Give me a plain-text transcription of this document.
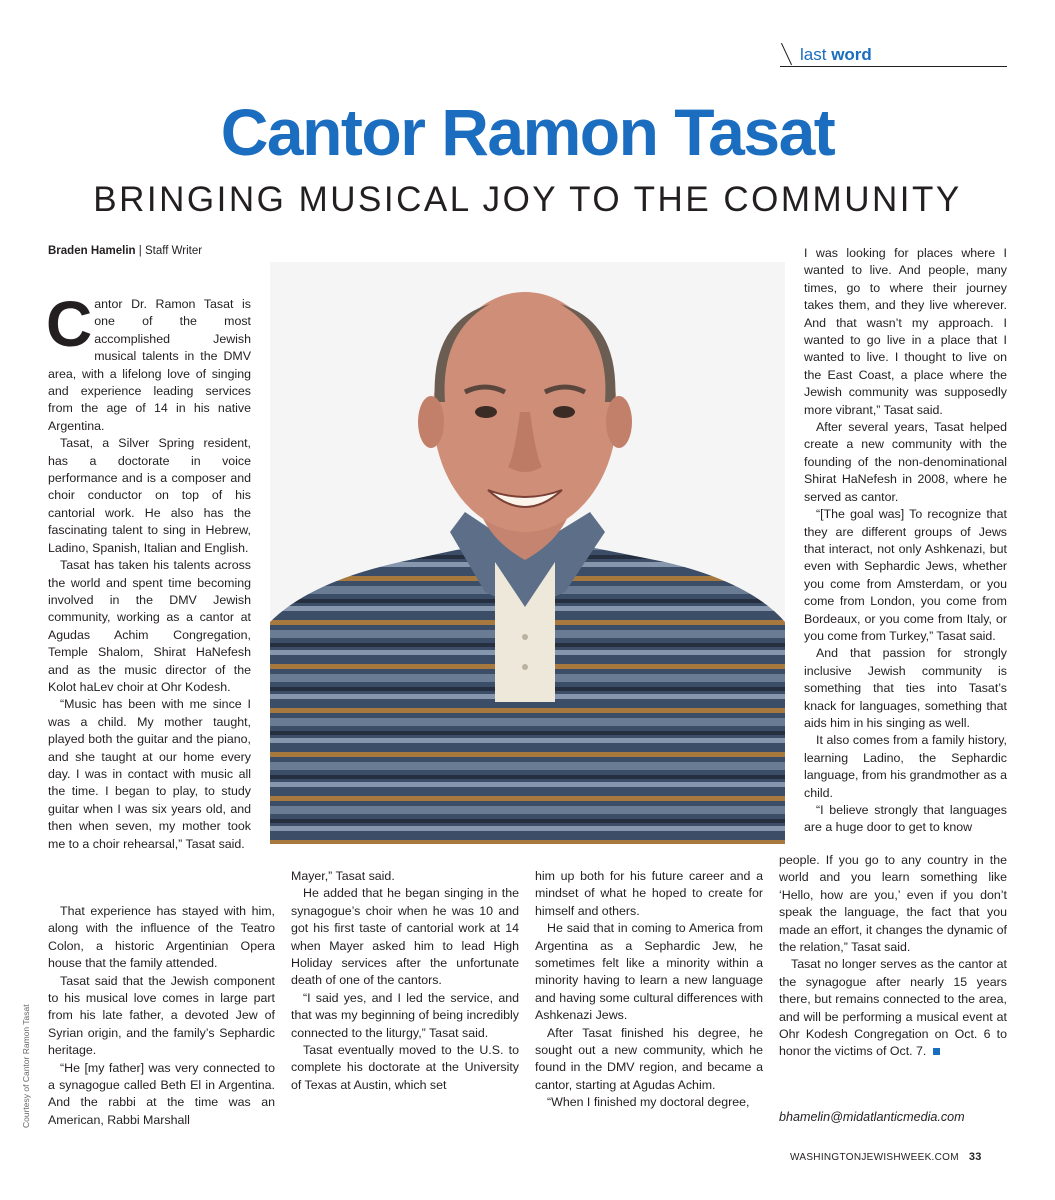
last word
Cantor Ramon Tasat
BRINGING MUSICAL JOY TO THE COMMUNITY
Braden Hamelin | Staff Writer

Cantor Dr. Ramon Tasat is one of the most accomplished Jewish musical talents in the DMV area, with a lifelong love of singing and experience leading services from the age of 14 in his native Argentina.

Tasat, a Silver Spring resident, has a doctorate in voice performance and is a composer and choir conductor on top of his cantorial work. He also has the fascinating talent to sing in Hebrew, Ladino, Spanish, Italian and English.

Tasat has taken his talents across the world and spent time becoming involved in the DMV Jewish community, working as a cantor at Agudas Achim Congregation, Temple Shalom, Shirat HaNefesh and as the music director of the Kolot haLev choir at Ohr Kodesh.

“Music has been with me since I was a child. My mother taught, played both the guitar and the piano, and she taught at our home every day. I was in contact with music all the time. I began to play, to study guitar when I was six years old, and then when seven, my mother took me to a choir rehearsal,” Tasat said.

That experience has stayed with him, along with the influence of the Teatro Colon, a historic Argentinian Opera house that the family attended.

Tasat said that the Jewish component to his musical love comes in large part from his late father, a devoted Jew of Syrian origin, and the family’s Sephardic heritage.

“He [my father] was very connected to a synagogue called Beth El in Argentina. And the rabbi at the time was an American, Rabbi Marshall

Mayer,” Tasat said.

He added that he began singing in the synagogue’s choir when he was 10 and got his first taste of cantorial work at 14 when Mayer asked him to lead High Holiday services after the unfortunate death of one of the cantors.

“I said yes, and I led the service, and that was my beginning of being incredibly connected to the liturgy,” Tasat said.

Tasat eventually moved to the U.S. to complete his doctorate at the University of Texas at Austin, which set

him up both for his future career and a mindset of what he hoped to create for himself and others.

He said that in coming to America from Argentina as a Sephardic Jew, he sometimes felt like a minority within a minority having to learn a new language and having some cultural differences with Ashkenazi Jews.

After Tasat finished his degree, he sought out a new community, which he found in the DMV region, and became a cantor, starting at Agudas Achim.

“When I finished my doctoral degree,

I was looking for places where I wanted to live. And people, many times, go to where their journey takes them, and they live wherever. And that wasn’t my approach. I wanted to go live in a place that I wanted to live. I thought to live on the East Coast, a place where the Jewish community was supposedly more vibrant,” Tasat said.

After several years, Tasat helped create a new community with the founding of the non-denominational Shirat HaNefesh in 2008, where he served as cantor.

“[The goal was] To recognize that they are different groups of Jews that interact, not only Ashkenazi, but even with Sephardic Jews, whether you come from Amsterdam, or you come from London, you come from Bordeaux, or you come from Italy, or you come from Turkey,” Tasat said.

And that passion for strongly inclusive Jewish community is something that ties into Tasat’s knack for languages, something that aids him in his singing as well.

It also comes from a family history, learning Ladino, the Sephardic language, from his grandmother as a child.

“I believe strongly that languages are a huge door to get to know

people. If you go to any country in the world and you learn something like ‘Hello, how are you,’ even if you don’t speak the language, the fact that you made an effort, it changes the dynamic of the relation,” Tasat said.

Tasat no longer serves as the cantor at the synagogue after nearly 15 years there, but remains connected to the area, and will be performing a musical event at Ohr Kodesh Congregation on Oct. 6 to honor the victims of Oct. 7.

bhamelin@midatlanticmedia.com
Courtesy of Cantor Ramon Tasat
WASHINGTONJEWISHWEEK.COM 33
